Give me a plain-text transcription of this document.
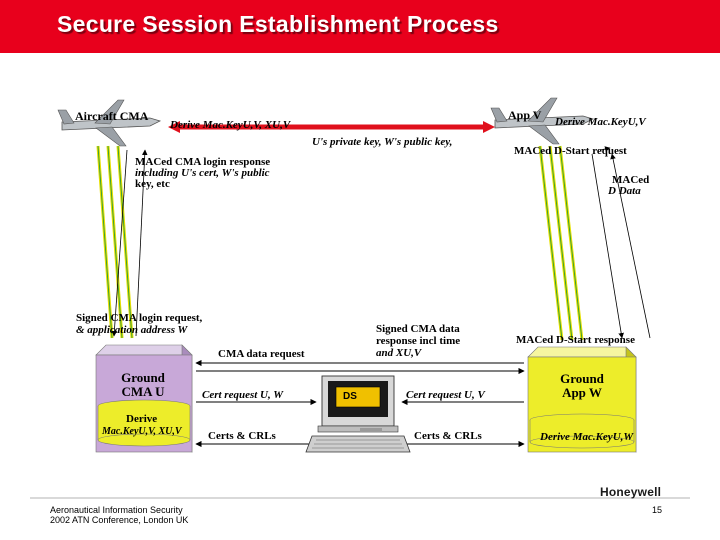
Secure Session Establishment Process
Aircraft CMA
Derive Mac.KeyU,V, XU,V
App V Derive Mac.KeyU,V
U's private key, W's public key,
MACed CMA login response
including U's cert, W's public
key, etc
MACed D-Start request
MACed
D Data
Signed CMA login request,
& application address W	Signed CMA data
response incl time
and XU,V
MACed D-Start response
CMA data request
Ground
CMA U
Derive
Mac.KeyU,V, XU,V
DS
Cert request U, W	Cert request U, V
Certs & CRLs	Certs & CRLs
Ground
App W
Derive Mac.KeyU,W
Aeronautical Information Security
2002 ATN Conference, London UK
Honeywell
15
